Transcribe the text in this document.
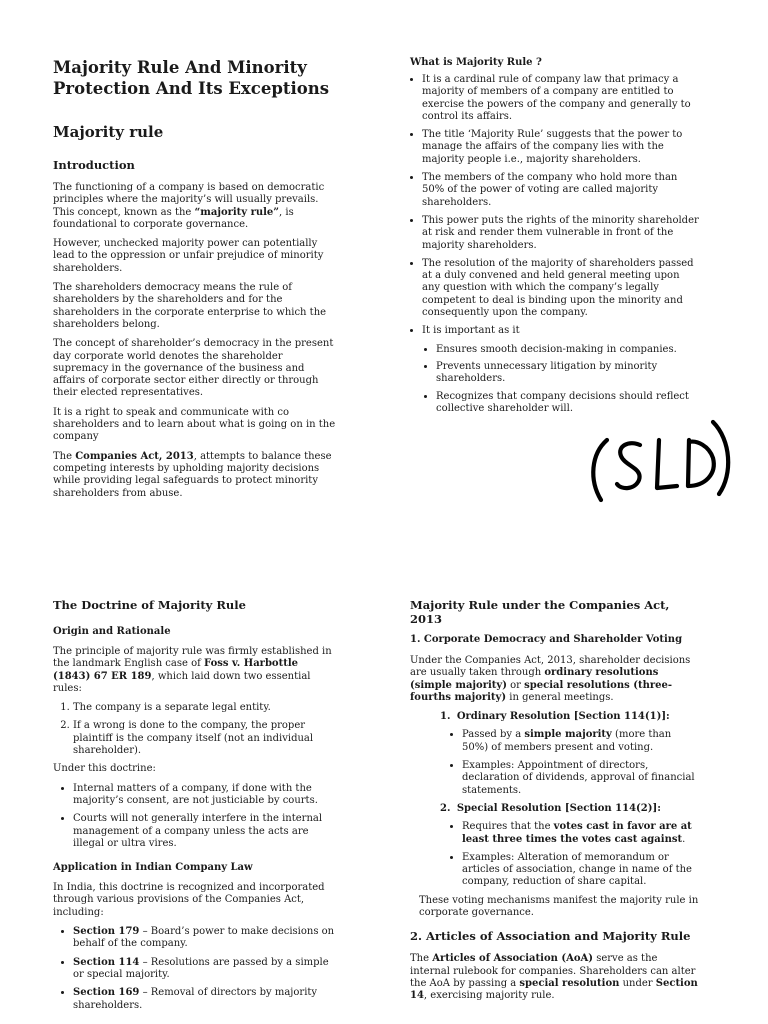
Majority Rule And Minority Protection And Its Exceptions
Majority rule
Introduction

The functioning of a company is based on democratic principles where the majority’s will usually prevails. This concept, known as the “majority rule”, is foundational to corporate governance.

However, unchecked majority power can potentially lead to the oppression or unfair prejudice of minority shareholders.

The shareholders democracy means the rule of shareholders by the shareholders and for the shareholders in the corporate enterprise to which the shareholders belong.

The concept of shareholder’s democracy in the present day corporate world denotes the shareholder supremacy in the governance of the business and affairs of corporate sector either directly or through their elected representatives.

It is a right to speak and communicate with co shareholders and to learn about what is going on in the company

The Companies Act, 2013, attempts to balance these competing interests by upholding majority decisions while providing legal safeguards to protect minority shareholders from abuse.

What is Majority Rule ?
• It is a cardinal rule of company law that primacy a majority of members of a company are entitled to exercise the powers of the company and generally to control its affairs.
• The title ‘Majority Rule’ suggests that the power to manage the affairs of the company lies with the majority people i.e., majority shareholders.
• The members of the company who hold more than 50% of the power of voting are called majority shareholders.
• This power puts the rights of the minority shareholder at risk and render them vulnerable in front of the majority shareholders.
• The resolution of the majority of shareholders passed at a duly convened and held general meeting upon any question with which the company’s legally competent to deal is binding upon the minority and consequently upon the company.
• It is important as it
• Ensures smooth decision-making in companies.
• Prevents unnecessary litigation by minority shareholders.
• Recognizes that company decisions should reflect collective shareholder will.
The Doctrine of Majority Rule
Origin and Rationale

The principle of majority rule was firmly established in the landmark English case of Foss v. Harbottle (1843) 67 ER 189, which laid down two essential rules:

1. The company is a separate legal entity.
2. If a wrong is done to the company, the proper plaintiff is the company itself (not an individual shareholder).

Under this doctrine:

• Internal matters of a company, if done with the majority’s consent, are not justiciable by courts.
• Courts will not generally interfere in the internal management of a company unless the acts are illegal or ultra vires.
Application in Indian Company Law

In India, this doctrine is recognized and incorporated through various provisions of the Companies Act, including:

• Section 179 – Board’s power to make decisions on behalf of the company.
• Section 114 – Resolutions are passed by a simple or special majority.
• Section 169 – Removal of directors by majority shareholders.
Majority Rule under the Companies Act, 2013
1. Corporate Democracy and Shareholder Voting

Under the Companies Act, 2013, shareholder decisions are usually taken through ordinary resolutions (simple majority) or special resolutions (three-fourths majority) in general meetings.

1. Ordinary Resolution [Section 114(1)]:
• Passed by a simple majority (more than 50%) of members present and voting.
• Examples: Appointment of directors, declaration of dividends, approval of financial statements.
2. Special Resolution [Section 114(2)]:
• Requires that the votes cast in favor are at least three times the votes cast against.
• Examples: Alteration of memorandum or articles of association, change in name of the company, reduction of share capital.

These voting mechanisms manifest the majority rule in corporate governance.

2. Articles of Association and Majority Rule

The Articles of Association (AoA) serve as the internal rulebook for companies. Shareholders can alter the AoA by passing a special resolution under Section 14, exercising majority rule.
